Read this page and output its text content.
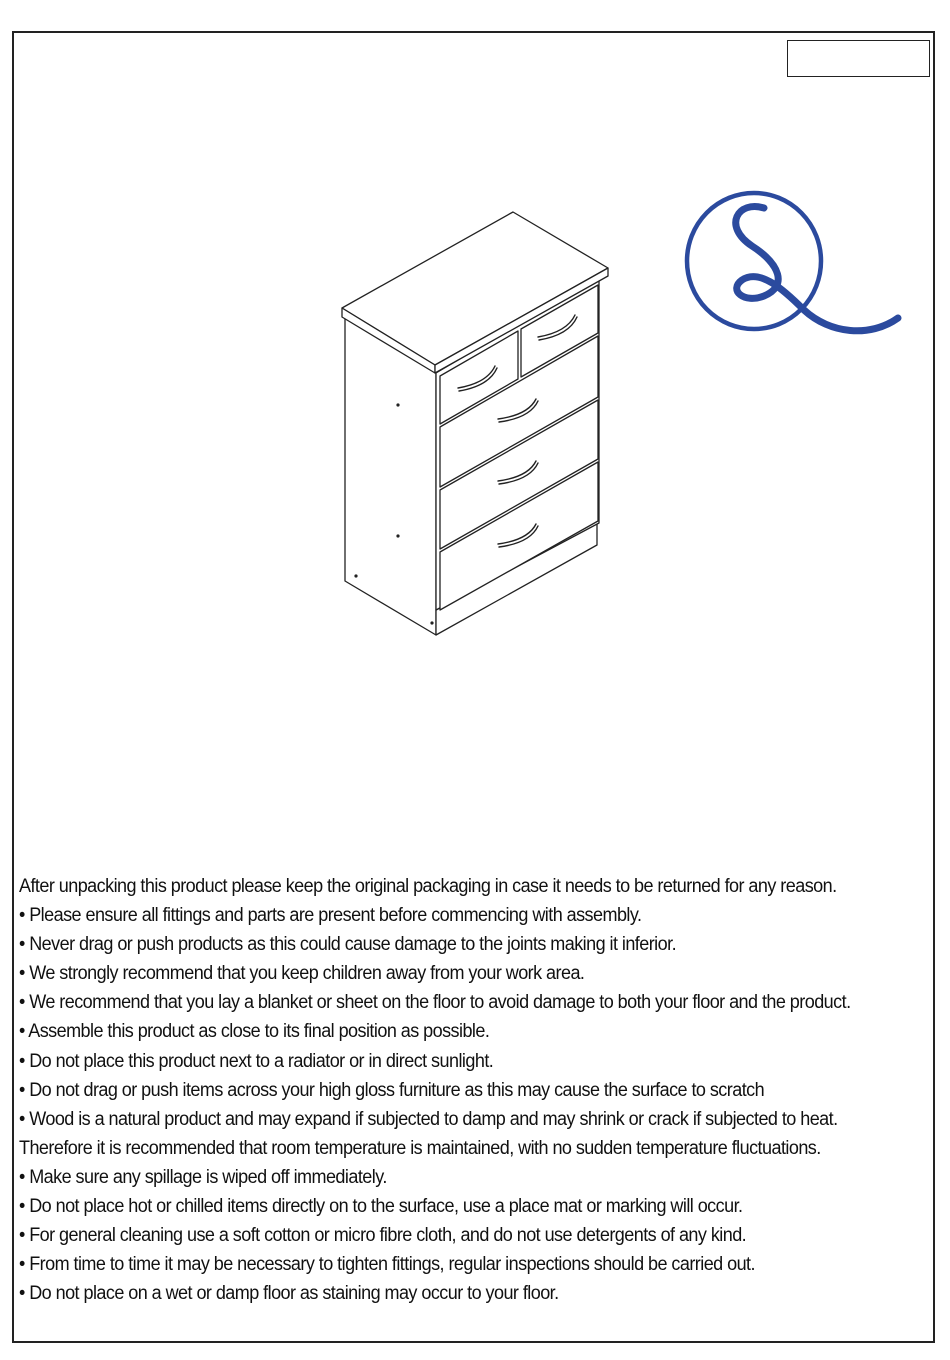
After unpacking this product please keep the original packaging in case it needs to be returned for any reason.
• Please ensure all fittings and parts are present before commencing with assembly.
• Never drag or push products as this could cause damage to the joints making it inferior.
• We strongly recommend that you keep children away from your work area.
• We recommend that you lay a blanket or sheet on the floor to avoid damage to both your floor and the product.
• Assemble this product as close to its final position as possible.
• Do not place this product next to a radiator or in direct sunlight.
• Do not drag or push items across your high gloss furniture as this may cause the surface to scratch
• Wood is a natural product and may expand if subjected to damp and may shrink or crack if subjected to heat.
Therefore it is recommended that room temperature is maintained, with no sudden temperature fluctuations.
• Make sure any spillage is wiped off immediately.
• Do not place hot or chilled items directly on to the surface, use a place mat or marking will occur.
• For general cleaning use a soft cotton or micro fibre cloth, and do not use detergents of any kind.
• From time to time it may be necessary to tighten fittings, regular inspections should be carried out.
• Do not place on a wet or damp floor as staining may occur to your floor.
